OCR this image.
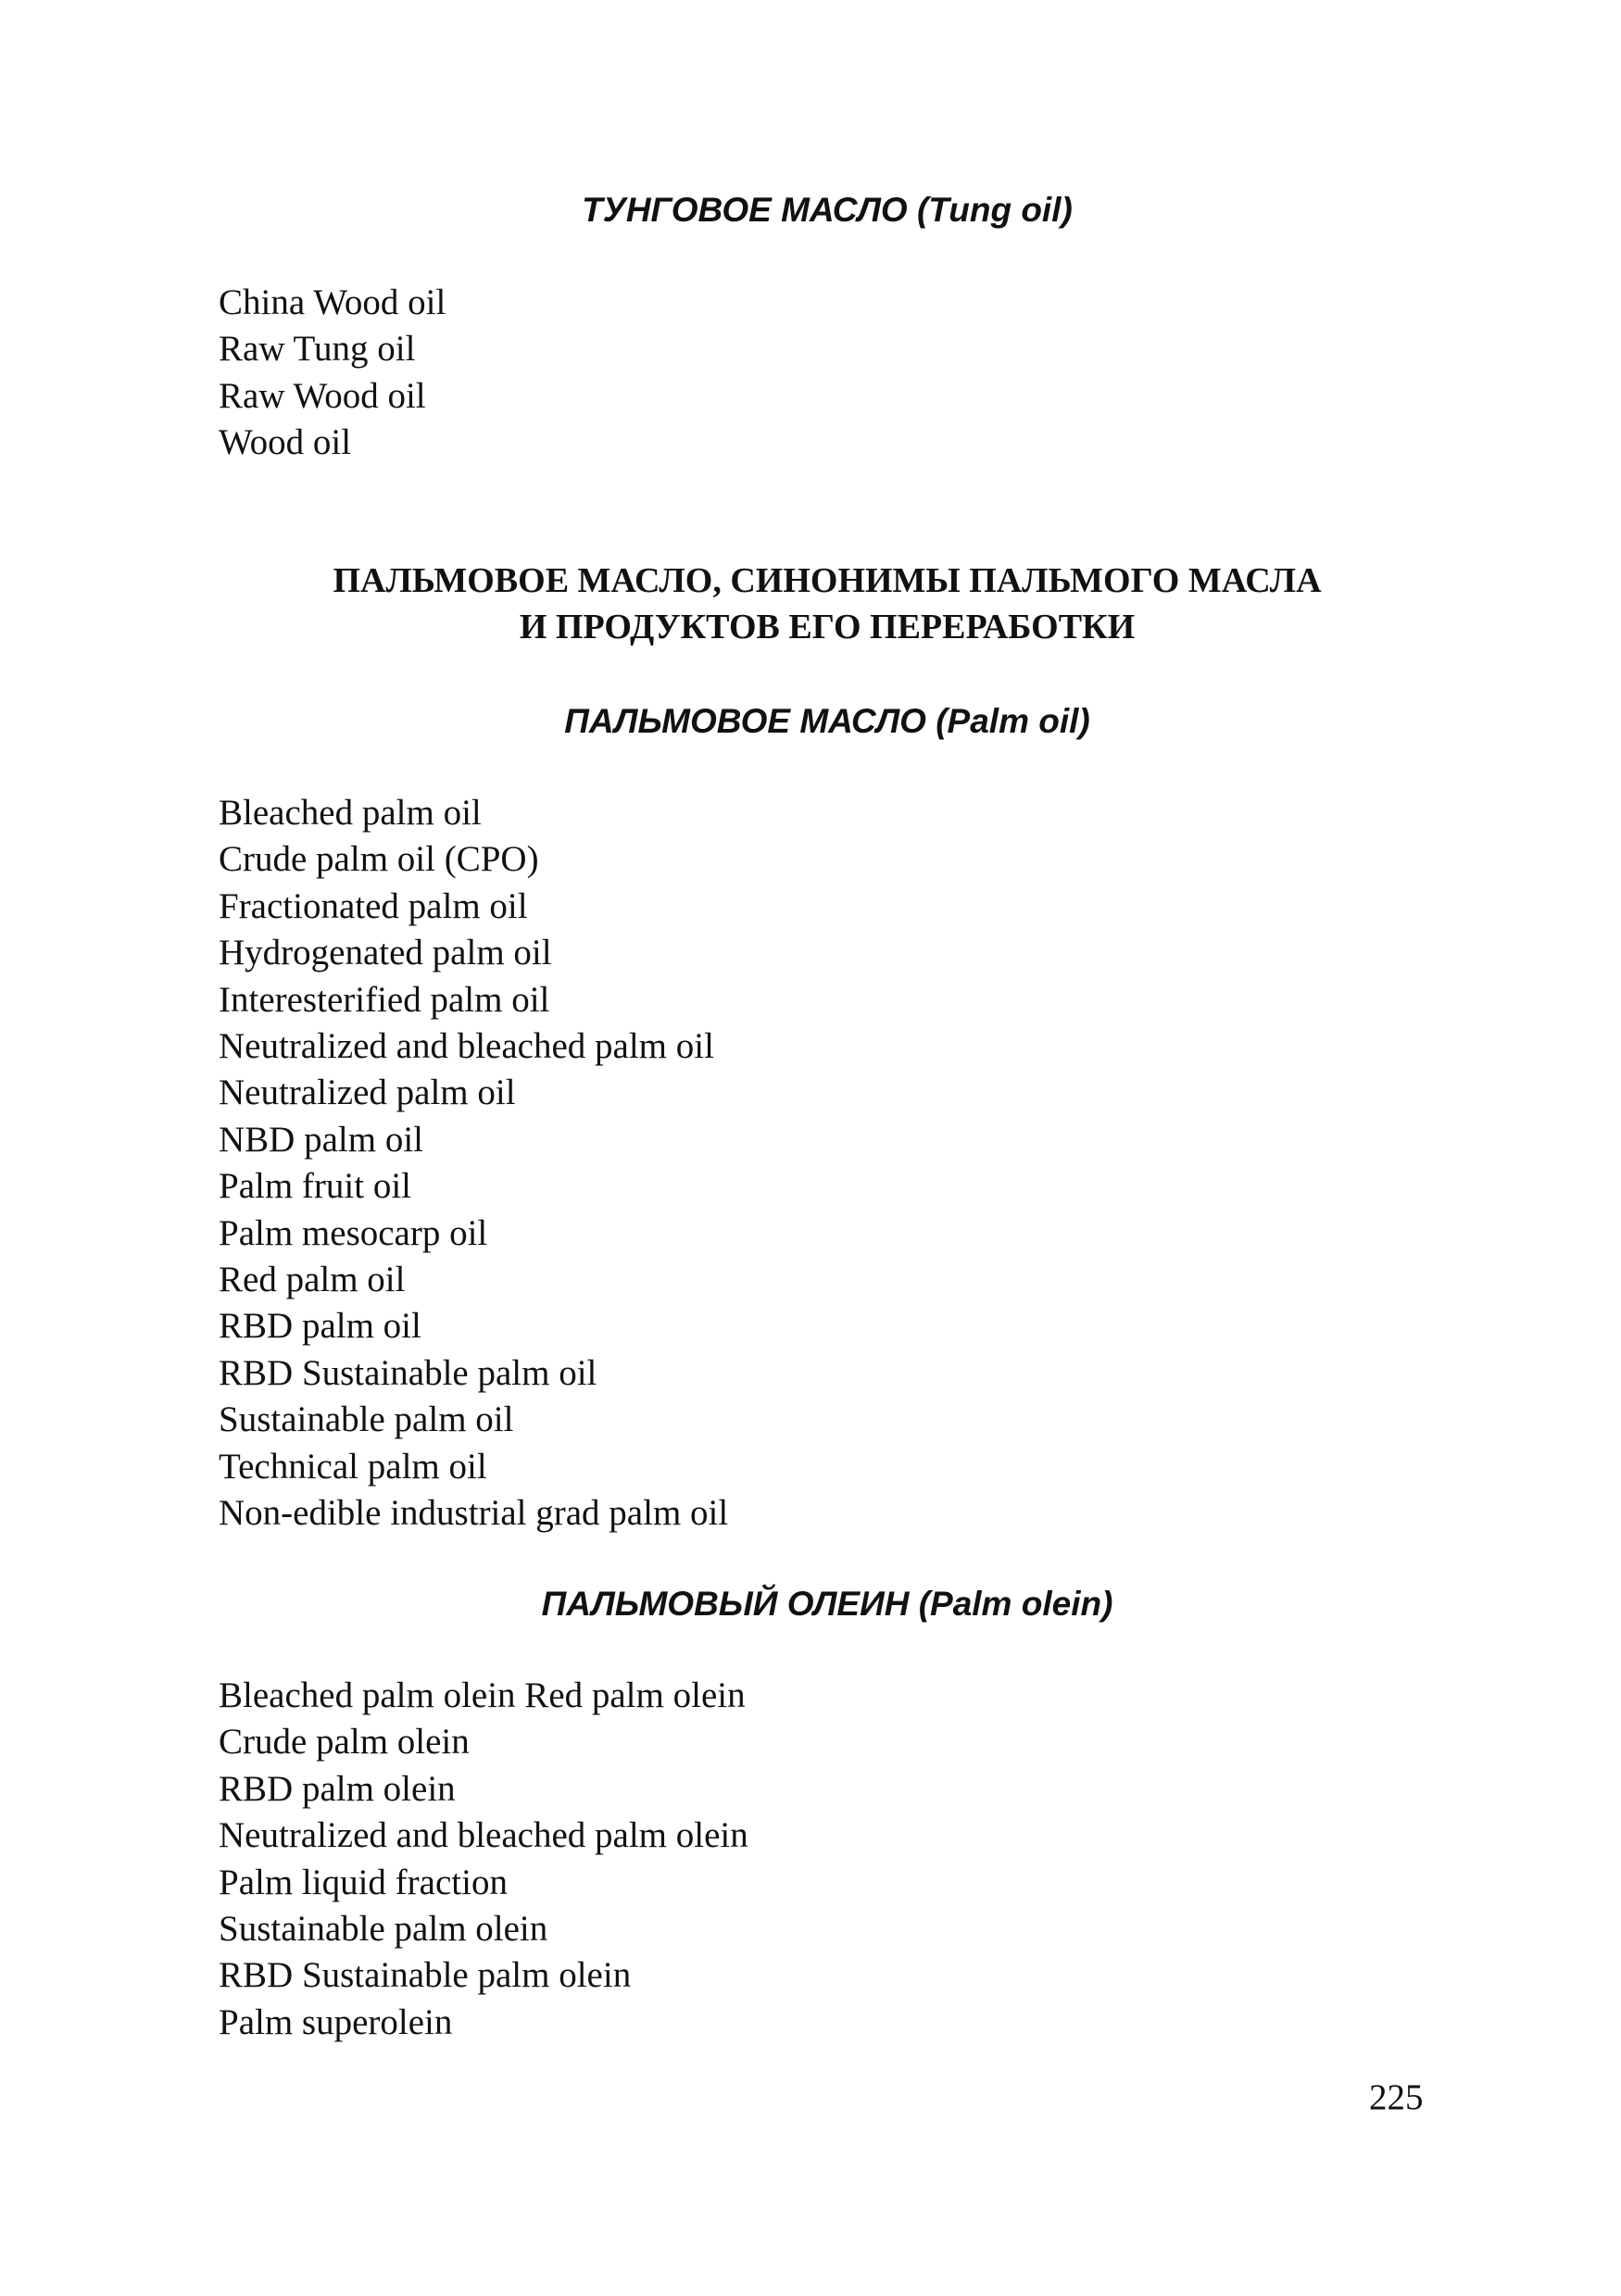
ТУНГОВОЕ МАСЛО (Tung oil)
China Wood oil
Raw Tung oil
Raw Wood oil
Wood oil
ПАЛЬМОВОЕ МАСЛО, СИНОНИМЫ ПАЛЬМОГО МАСЛА
И ПРОДУКТОВ ЕГО ПЕРЕРАБОТКИ
ПАЛЬМОВОЕ МАСЛО (Palm oil)
Bleached palm oil
Crude palm oil (CPO)
Fractionated palm oil
Hydrogenated palm oil
Interesterified palm oil
Neutralized and bleached palm oil
Neutralized palm oil
NBD palm oil
Palm fruit oil
Palm mesocarp oil
Red palm oil
RBD palm oil
RBD Sustainable palm oil
Sustainable palm oil
Technical palm oil
Non-edible industrial grad palm oil
ПАЛЬМОВЫЙ ОЛЕИН (Palm olein)
Bleached palm olein Red palm olein
Crude palm olein
RBD palm olein
Neutralized and bleached palm olein
Palm liquid fraction
Sustainable palm olein
RBD Sustainable palm olein
Palm superolein
225
